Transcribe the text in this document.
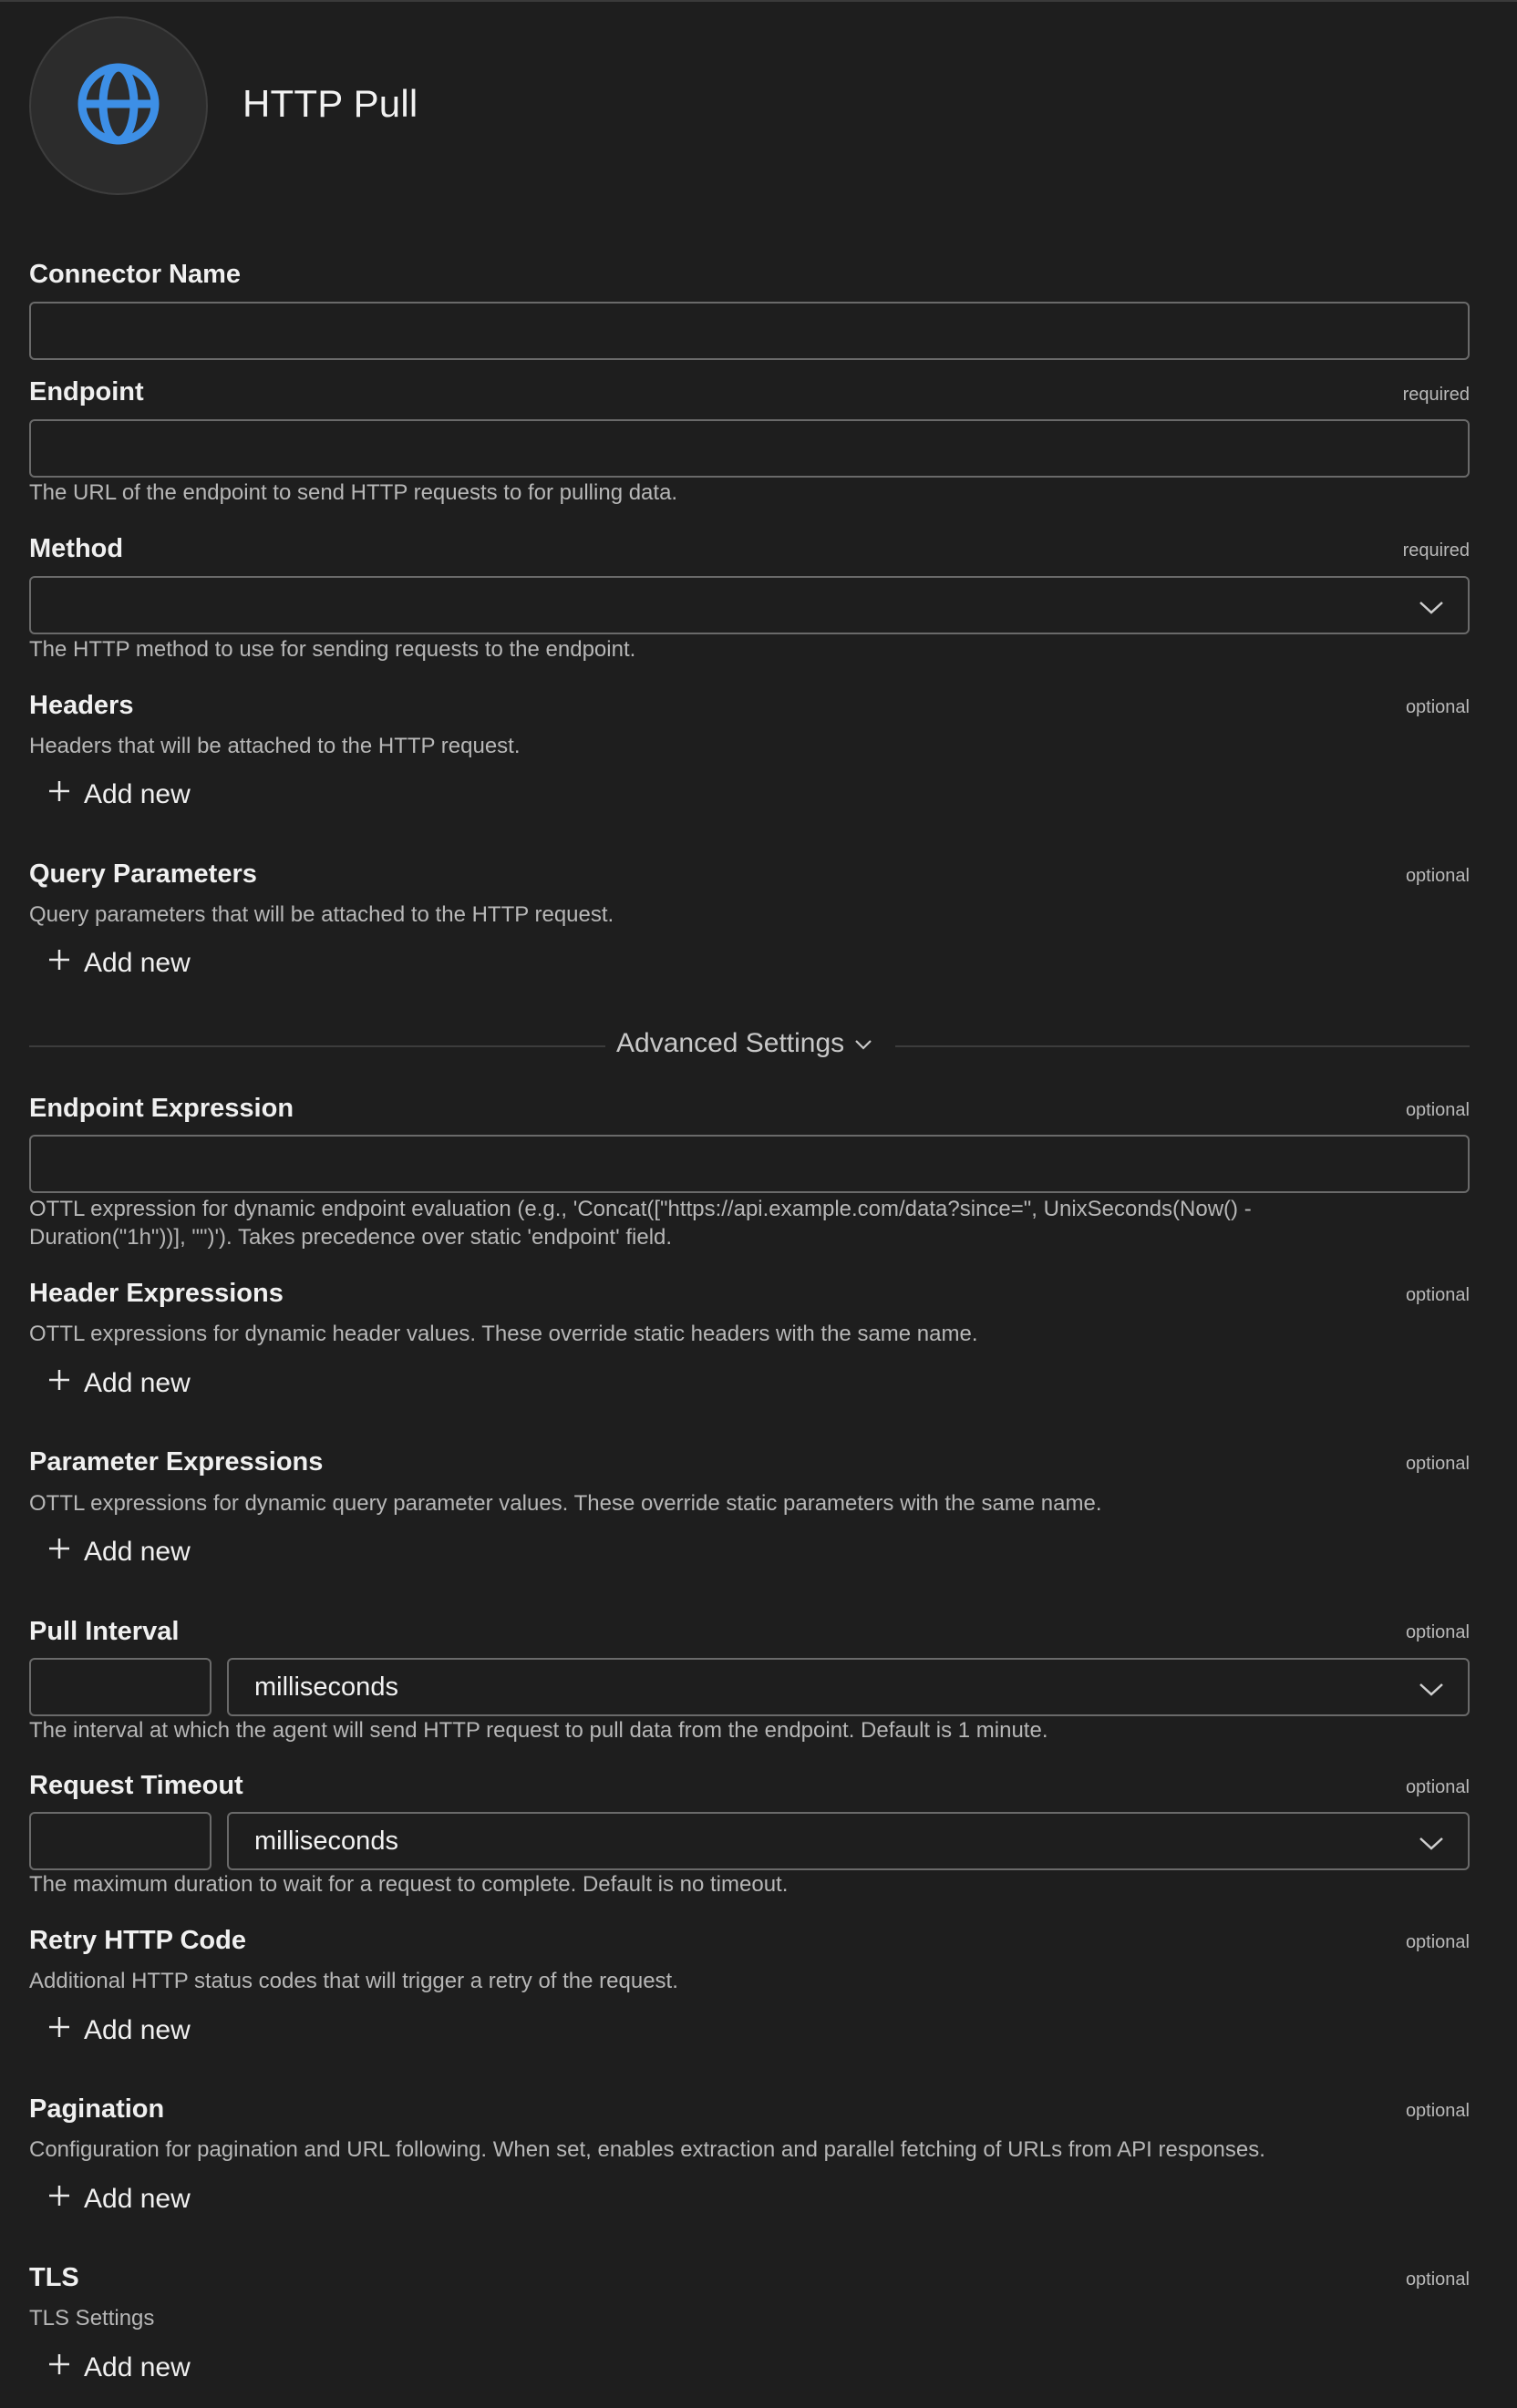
HTTP Pull
Connector Name
Endpoint	required
The URL of the endpoint to send HTTP requests to for pulling data.
Method	required
The HTTP method to use for sending requests to the endpoint.
Headers	optional
Headers that will be attached to the HTTP request.
Add new
Query Parameters	optional
Query parameters that will be attached to the HTTP request.
Add new
Advanced Settings
Endpoint Expression	optional
OTTL expression for dynamic endpoint evaluation (e.g., 'Concat(["https://api.example.com/data?since=", UnixSeconds(Now() -
Duration("1h"))], "")'). Takes precedence over static 'endpoint' field.
Header Expressions	optional
OTTL expressions for dynamic header values. These override static headers with the same name.
Add new
Parameter Expressions	optional
OTTL expressions for dynamic query parameter values. These override static parameters with the same name.
Add new
Pull Interval	optional
milliseconds
The interval at which the agent will send HTTP request to pull data from the endpoint. Default is 1 minute.
Request Timeout	optional
milliseconds
The maximum duration to wait for a request to complete. Default is no timeout.
Retry HTTP Code	optional
Additional HTTP status codes that will trigger a retry of the request.
Add new
Pagination	optional
Configuration for pagination and URL following. When set, enables extraction and parallel fetching of URLs from API responses.
Add new
TLS	optional
TLS Settings
Add new
